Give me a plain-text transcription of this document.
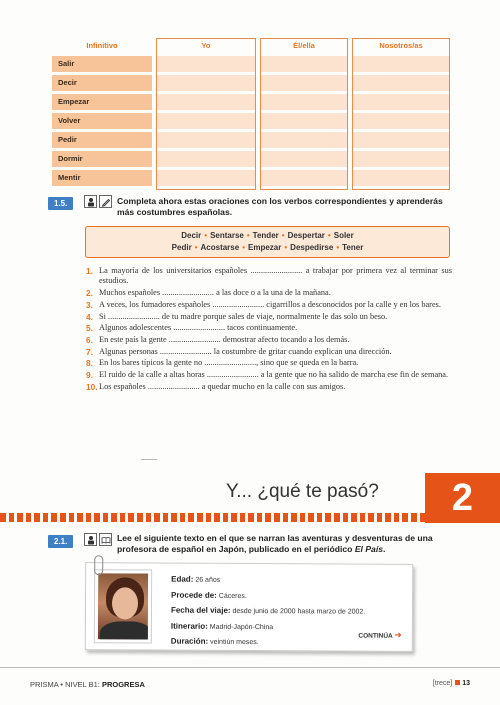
Infinitivo	Yo	Él/ella	Nosotros/as
Salir
Decir
Empezar
Volver
Pedir
Dormir
Mentir
1.5.	Completa ahora estas oraciones con los verbos correspondientes y aprenderás más costumbres españolas.
Decir • Sentarse • Tender • Despertar • Soler
Pedir • Acostarse • Empezar • Despedirse • Tener
1. La mayoría de los universitarios españoles ......................... a trabajar por primera vez al terminar sus estudios.
2. Muchos españoles ......................... a las doce o a la una de la mañana.
3. A veces, los fumadores españoles ......................... cigarrillos a desconocidos por la calle y en los bares.
4. Si ......................... de tu madre porque sales de viaje, normalmente le das solo un beso.
5. Algunos adolescentes ......................... tacos continuamente.
6. En este país la gente ......................... demostrar afecto tocando a los demás.
7. Algunas personas ......................... la costumbre de gritar cuando explican una dirección.
8. En los bares típicos la gente no ........................., sino que se queda en la barra.
9. El ruido de la calle a altas horas ......................... a la gente que no ha salido de marcha ese fin de semana.
10. Los españoles ......................... a quedar mucho en la calle con sus amigos.
........
Y... ¿qué te pasó?	2
2.1.	Lee el siguiente texto en el que se narran las aventuras y desventuras de una profesora de español en Japón, publicado en el periódico El País.
Edad: 26 años
Procede de: Cáceres.
Fecha del viaje: desde junio de 2000 hasta marzo de 2002.
Itinerario: Madrid-Japón-China
Duración: veintiún meses.
CONTINÚA ➜
PRISMA • NIVEL B1: PROGRESA	[trece] 13
